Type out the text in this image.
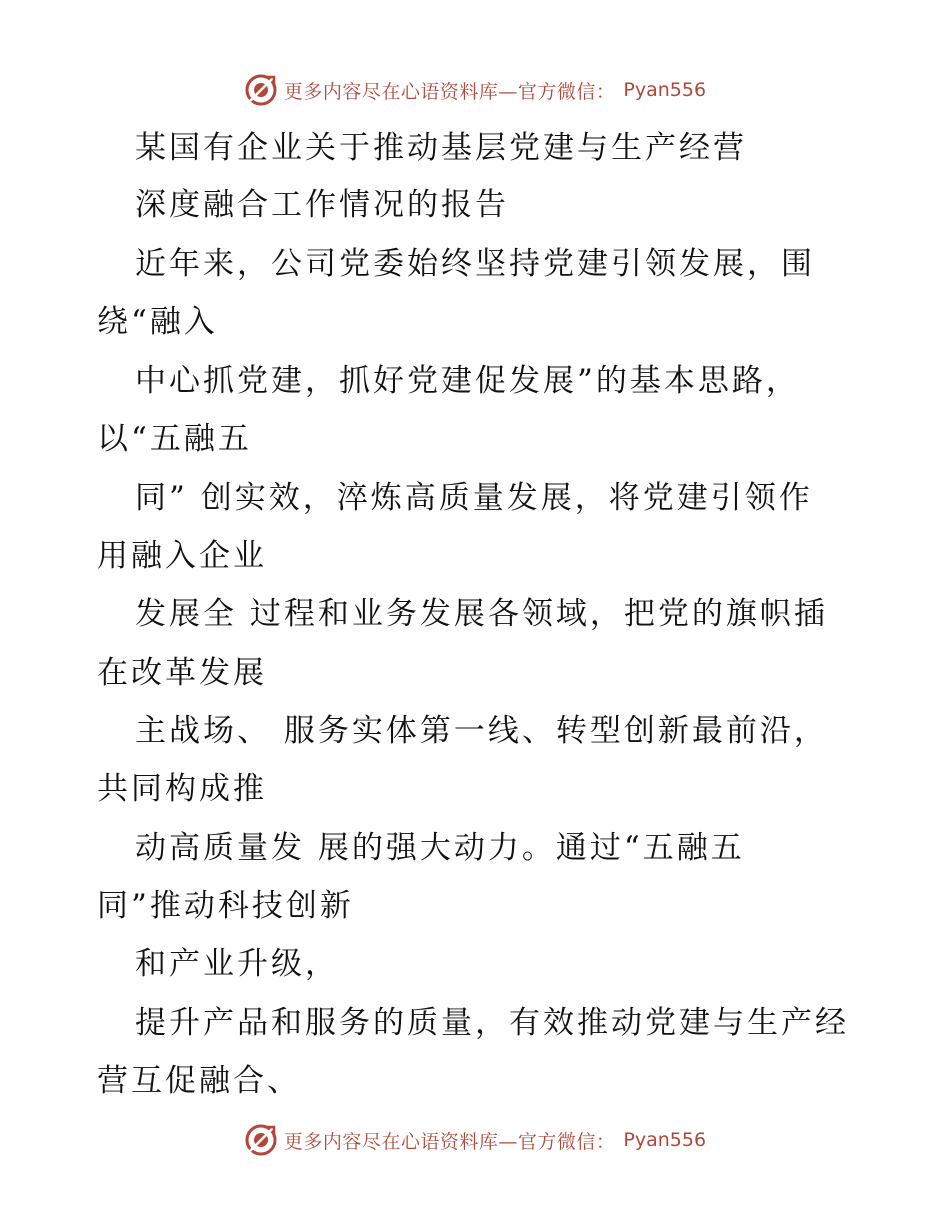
更多内容尽在心语资料库—官方微信： Pyan556
某国有企业关于推动基层党建与生产经营
深度融合工作情况的报告
近年来，公司党委始终坚持党建引领发展，围
绕“融入
中心抓党建，抓好党建促发展”的基本思路，
以“五融五
同” 创实效，淬炼高质量发展，将党建引领作
用融入企业
发展全 过程和业务发展各领域，把党的旗帜插
在改革发展
主战场、 服务实体第一线、转型创新最前沿，
共同构成推
动高质量发 展的强大动力。通过“五融五
同”推动科技创新
和产业升级，
提升产品和服务的质量，有效推动党建与生产经
营互促融合、
更多内容尽在心语资料库—官方微信： Pyan556
